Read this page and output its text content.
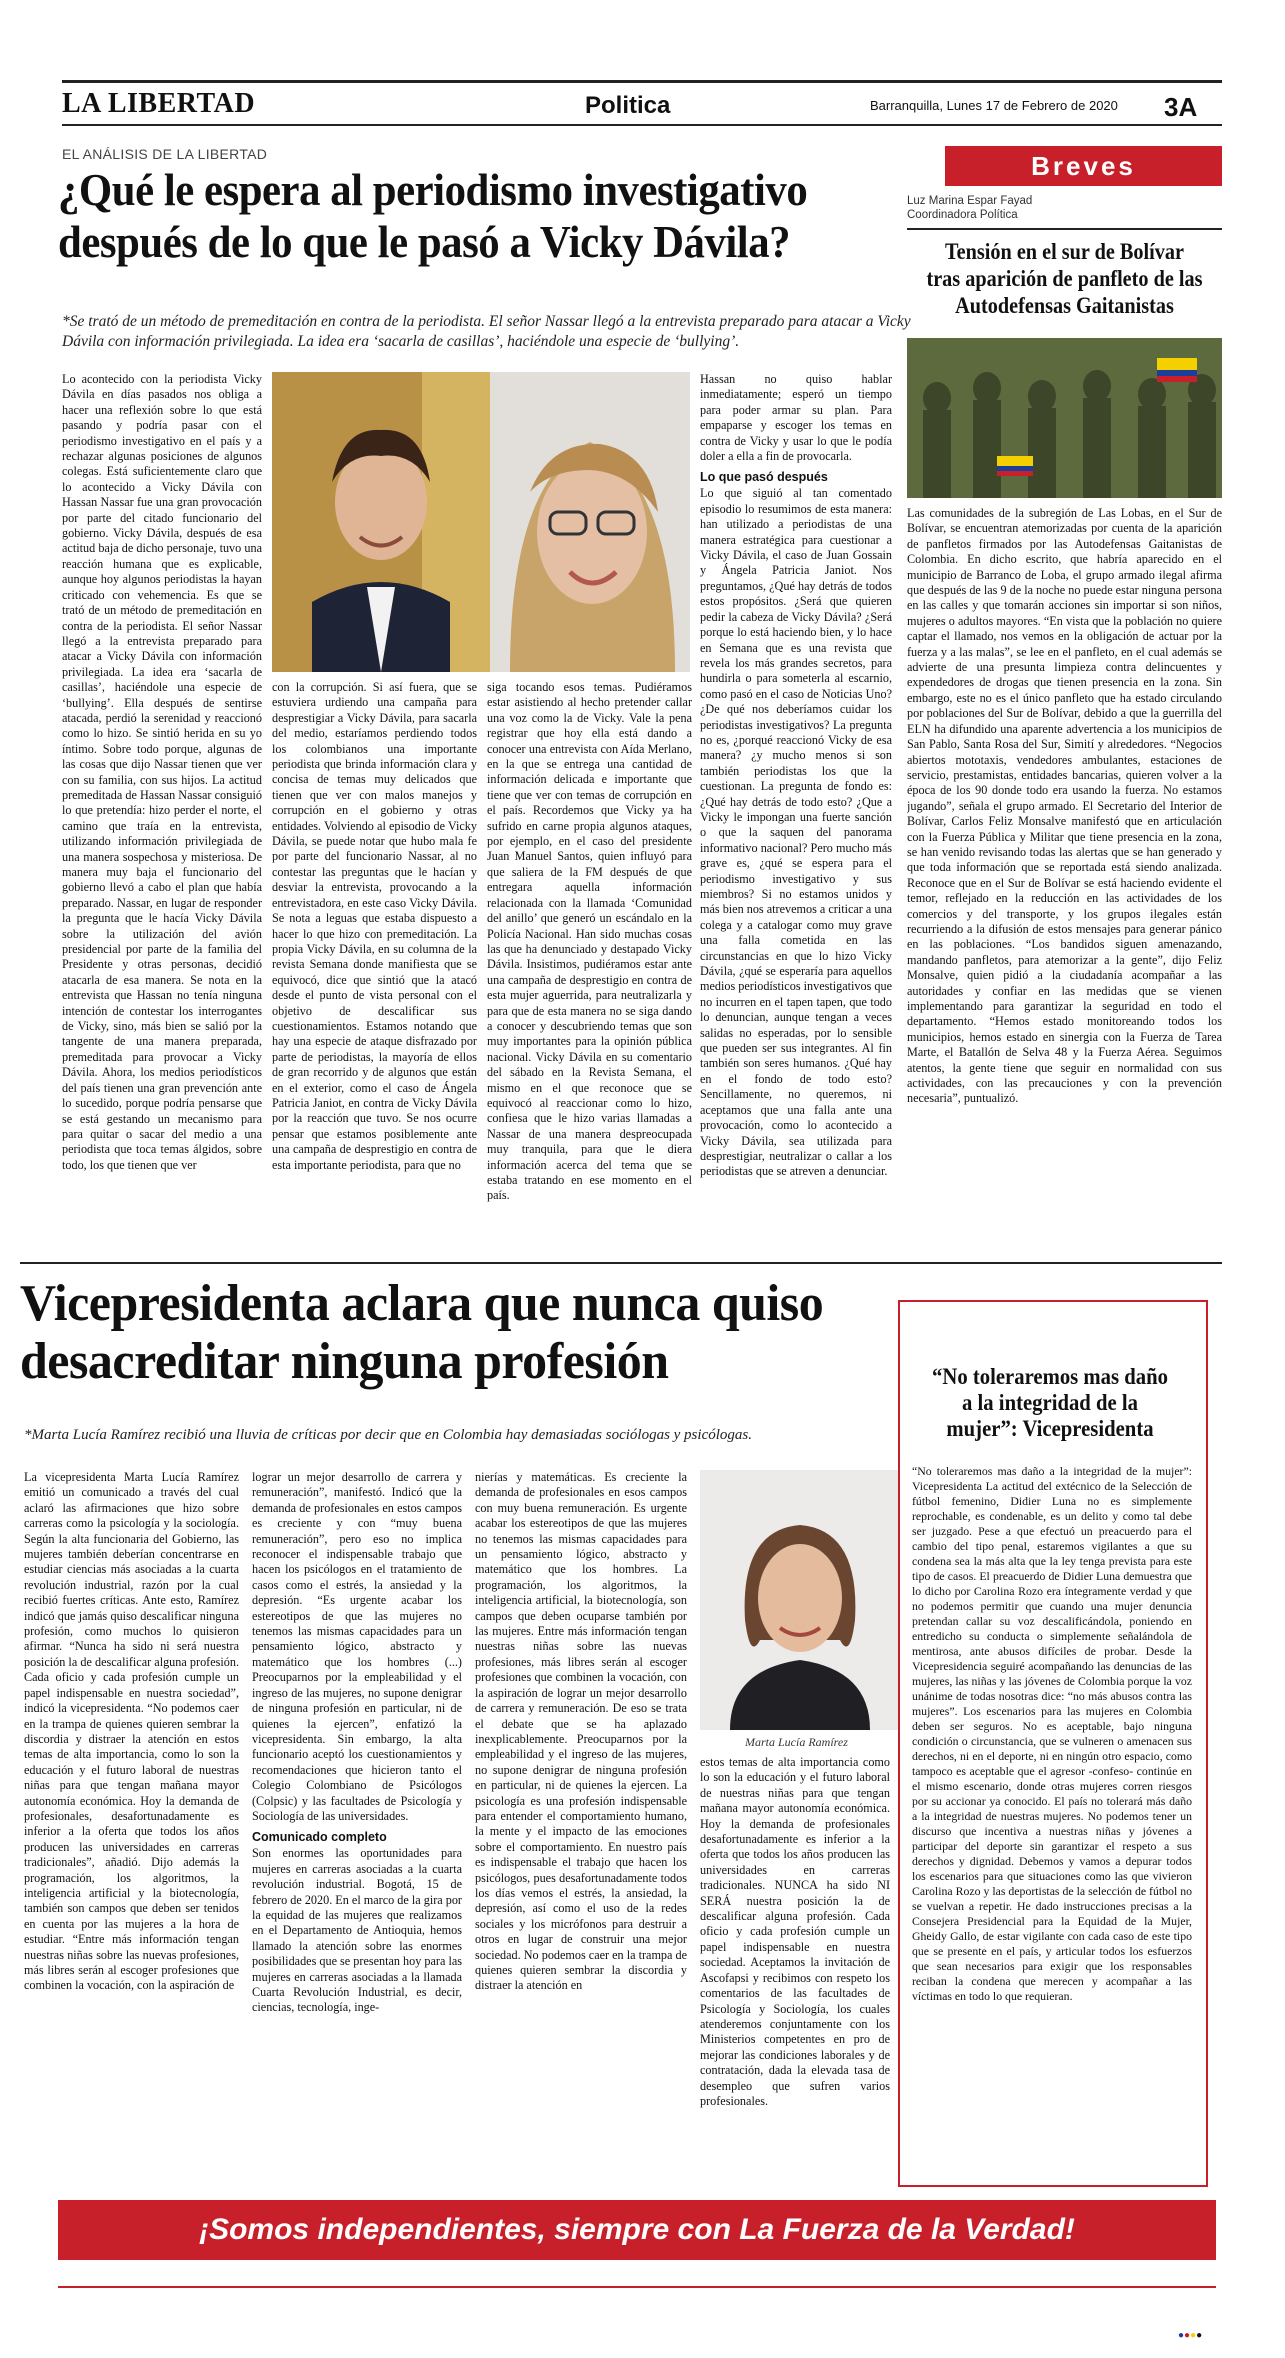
LA LIBERTAD	Politica	Barranquilla, Lunes 17 de Febrero de 2020 3A
EL ANÁLISIS DE LA LIBERTAD
¿Qué le espera al periodismo investigativo después de lo que le pasó a Vicky Dávila?
*Se trató de un método de premeditación en contra de la periodista. El señor Nassar llegó a la entrevista preparado para atacar a Vicky Dávila con información privilegiada. La idea era ‘sacarla de casillas’, haciéndole una especie de ‘bullying’.

Lo acontecido con la periodista Vicky Dávila en días pasados nos obliga a hacer una reflexión sobre lo que está pasando y podría pasar con el periodismo investigativo en el país y a rechazar algunas posiciones de algunos colegas. Está suficientemente claro que lo acontecido a Vicky Dávila con Hassan Nassar fue una gran provocación por parte del citado funcionario del gobierno. Vicky Dávila, después de esa actitud baja de dicho personaje, tuvo una reacción humana que es explicable, aunque hoy algunos periodistas la hayan criticado con vehemencia. Es que se trató de un método de premeditación en contra de la periodista. El señor Nassar llegó a la entrevista preparado para atacar a Vicky Dávila con información privilegiada. La idea era ‘sacarla de casillas’, haciéndole una especie de ‘bullying’. Ella después de sentirse atacada, perdió la serenidad y reaccionó como lo hizo. Se sintió herida en su yo íntimo. Sobre todo porque, algunas de las cosas que dijo Nassar tienen que ver con su familia, con sus hijos. La actitud premeditada de Hassan Nassar consiguió lo que pretendía: hizo perder el norte, el camino que traía en la entrevista, utilizando información privilegiada de una manera sospechosa y misteriosa. De manera muy baja el funcionario del gobierno llevó a cabo el plan que había preparado. Nassar, en lugar de responder la pregunta que le hacía Vicky Dávila sobre la utilización del avión presidencial por parte de la familia del Presidente y otras personas, decidió atacarla de esa manera. Se nota en la entrevista que Hassan no tenía ninguna intención de contestar los interrogantes de Vicky, sino, más bien se salió por la tangente de una manera preparada, premeditada para provocar a Vicky Dávila. Ahora, los medios periodísticos del país tienen una gran prevención ante lo sucedido, porque podría pensarse que se está gestando un mecanismo para para quitar o sacar del medio a una periodista que toca temas álgidos, sobre todo, los que tienen que ver

con la corrupción. Si así fuera, que se estuviera urdiendo una campaña para desprestigiar a Vicky Dávila, para sacarla del medio, estaríamos perdiendo todos los colombianos una importante periodista que brinda información clara y concisa de temas muy delicados que tienen que ver con malos manejos y corrupción en el gobierno y otras entidades. Volviendo al episodio de Vicky Dávila, se puede notar que hubo mala fe por parte del funcionario Nassar, al no contestar las preguntas que le hacían y desviar la entrevista, provocando a la entrevistadora, en este caso Vicky Dávila. Se nota a leguas que estaba dispuesto a hacer lo que hizo con premeditación. La propia Vicky Dávila, en su columna de la revista Semana donde manifiesta que se equivocó, dice que sintió que la atacó desde el punto de vista personal con el objetivo de descalificar sus cuestionamientos. Estamos notando que hay una especie de ataque disfrazado por parte de periodistas, la mayoría de ellos de gran recorrido y de algunos que están en el exterior, como el caso de Ángela Patricia Janiot, en contra de Vicky Dávila por la reacción que tuvo. Se nos ocurre pensar que estamos posiblemente ante una campaña de desprestigio en contra de esta importante periodista, para que no

siga tocando esos temas. Pudiéramos estar asistiendo al hecho pretender callar una voz como la de Vicky. Vale la pena registrar que hoy ella está dando a conocer una entrevista con Aída Merlano, en la que se entrega una cantidad de información delicada e importante que tiene que ver con temas de corrupción en el país. Recordemos que Vicky ya ha sufrido en carne propia algunos ataques, por ejemplo, en el caso del presidente Juan Manuel Santos, quien influyó para que saliera de la FM después de que entregara aquella información relacionada con la llamada ‘Comunidad del anillo’ que generó un escándalo en la Policía Nacional. Han sido muchas cosas las que ha denunciado y destapado Vicky Dávila. Insistimos, pudiéramos estar ante una campaña de desprestigio en contra de esta mujer aguerrida, para neutralizarla y para que de esta manera no se siga dando a conocer y descubriendo temas que son muy importantes para la opinión pública nacional. Vicky Dávila en su comentario del sábado en la Revista Semana, el mismo en el que reconoce que se equivocó al reaccionar como lo hizo, confiesa que le hizo varias llamadas a Nassar de una manera despreocupada muy tranquila, para que le diera información acerca del tema que se estaba tratando en ese momento en el país.

Hassan no quiso hablar inmediatamente; esperó un tiempo para poder armar su plan. Para empaparse y escoger los temas en contra de Vicky y usar lo que le podía doler a ella a fin de provocarla.

Lo que pasó después

Lo que siguió al tan comentado episodio lo resumimos de esta manera: han utilizado a periodistas de una manera estratégica para cuestionar a Vicky Dávila, el caso de Juan Gossain y Ángela Patricia Janiot. Nos preguntamos, ¿Qué hay detrás de todos estos propósitos. ¿Será que quieren pedir la cabeza de Vicky Dávila? ¿Será porque lo está haciendo bien, y lo hace en Semana que es una revista que revela los más grandes secretos, para hundirla o para someterla al escarnio, como pasó en el caso de Noticias Uno? ¿De qué nos deberíamos cuidar los periodistas investigativos? La pregunta no es, ¿porqué reaccionó Vicky de esa manera? ¿y mucho menos si son también periodistas los que la cuestionan. La pregunta de fondo es: ¿Qué hay detrás de todo esto? ¿Que a Vicky le impongan una fuerte sanción o que la saquen del panorama informativo nacional? Pero mucho más grave es, ¿qué se espera para el periodismo investigativo y sus miembros? Si no estamos unidos y más bien nos atrevemos a criticar a una colega y a catalogar como muy grave una falla cometida en las circunstancias en que lo hizo Vicky Dávila, ¿qué se esperaría para aquellos medios periodísticos investigativos que no incurren en el tapen tapen, que todo lo denuncian, aunque tengan a veces salidas no esperadas, por lo sensible que pueden ser sus integrantes. Al fin también son seres humanos. ¿Qué hay en el fondo de todo esto? Sencillamente, no queremos, ni aceptamos que una falla ante una provocación, como lo acontecido a Vicky Dávila, sea utilizada para desprestigiar, neutralizar o callar a los periodistas que se atreven a denunciar.

Breves
Luz Marina Espar Fayad
Coordinadora Política
Tensión en el sur de Bolívar tras aparición de panfleto de las Autodefensas Gaitanistas

Las comunidades de la subregión de Las Lobas, en el Sur de Bolívar, se encuentran atemorizadas por cuenta de la aparición de panfletos firmados por las Autodefensas Gaitanistas de Colombia. En dicho escrito, que habría aparecido en el municipio de Barranco de Loba, el grupo armado ilegal afirma que después de las 9 de la noche no puede estar ninguna persona en las calles y que tomarán acciones sin importar si son niños, mujeres o adultos mayores. “En vista que la población no quiere captar el llamado, nos vemos en la obligación de actuar por la fuerza y a las malas”, se lee en el panfleto, en el cual además se advierte de una presunta limpieza contra delincuentes y expendedores de drogas que tienen presencia en la zona. Sin embargo, este no es el único panfleto que ha estado circulando por poblaciones del Sur de Bolívar, debido a que la guerrilla del ELN ha difundido una aparente advertencia a los municipios de San Pablo, Santa Rosa del Sur, Simití y alrededores. “Negocios abiertos mototaxis, vendedores ambulantes, estaciones de servicio, prestamistas, entidades bancarias, quieren volver a la época de los 90 donde todo era usando la fuerza. No estamos jugando”, señala el grupo armado. El Secretario del Interior de Bolívar, Carlos Feliz Monsalve manifestó que en articulación con la Fuerza Pública y Militar que tiene presencia en la zona, se han venido revisando todas las alertas que se han generado y que toda información que se reportada está siendo analizada. Reconoce que en el Sur de Bolívar se está haciendo evidente el temor, reflejado en la reducción en las actividades de los comercios y del transporte, y los grupos ilegales están recurriendo a la difusión de estos mensajes para generar pánico en las poblaciones. “Los bandidos siguen amenazando, mandando panfletos, para atemorizar a la gente”, dijo Feliz Monsalve, quien pidió a la ciudadanía acompañar a las autoridades y confiar en las medidas que se vienen implementando para garantizar la seguridad en todo el departamento. “Hemos estado monitoreando todos los municipios, hemos estado en sinergia con la Fuerza de Tarea Marte, el Batallón de Selva 48 y la Fuerza Aérea. Seguimos atentos, la gente tiene que seguir en normalidad con sus actividades, con las precauciones y con la prevención necesaria”, puntualizó.

Vicepresidenta aclara que nunca quiso desacreditar ninguna profesión
*Marta Lucía Ramírez recibió una lluvia de críticas por decir que en Colombia hay demasiadas sociólogas y psicólogas.

La vicepresidenta Marta Lucía Ramírez emitió un comunicado a través del cual aclaró las afirmaciones que hizo sobre carreras como la psicología y la sociología. Según la alta funcionaria del Gobierno, las mujeres también deberían concentrarse en estudiar ciencias más asociadas a la cuarta revolución industrial, razón por la cual recibió fuertes críticas. Ante esto, Ramírez indicó que jamás quiso descalificar ninguna profesión, como muchos lo quisieron afirmar. “Nunca ha sido ni será nuestra posición la de descalificar alguna profesión. Cada oficio y cada profesión cumple un papel indispensable en nuestra sociedad”, indicó la vicepresidenta. “No podemos caer en la trampa de quienes quieren sembrar la discordia y distraer la atención en estos temas de alta importancia, como lo son la educación y el futuro laboral de nuestras niñas para que tengan mañana mayor autonomía económica. Hoy la demanda de profesionales, desafortunadamente es inferior a la oferta que todos los años producen las universidades en carreras tradicionales”, añadió. Dijo además la programación, los algoritmos, la inteligencia artificial y la biotecnología, también son campos que deben ser tenidos en cuenta por las mujeres a la hora de estudiar. “Entre más información tengan nuestras niñas sobre las nuevas profesiones, más libres serán al escoger profesiones que combinen la vocación, con la aspiración de

lograr un mejor desarrollo de carrera y remuneración”, manifestó. Indicó que la demanda de profesionales en estos campos es creciente y con “muy buena remuneración”, pero eso no implica reconocer el indispensable trabajo que hacen los psicólogos en el tratamiento de casos como el estrés, la ansiedad y la depresión. “Es urgente acabar los estereotipos de que las mujeres no tenemos las mismas capacidades para un pensamiento lógico, abstracto y matemático que los hombres (...) Preocuparnos por la empleabilidad y el ingreso de las mujeres, no supone denigrar de ninguna profesión en particular, ni de quienes la ejercen”, enfatizó la vicepresidenta. Sin embargo, la alta funcionario aceptó los cuestionamientos y recomendaciones que hicieron tanto el Colegio Colombiano de Psicólogos (Colpsic) y las facultades de Psicología y Sociología de las universidades.

Comunicado completo

Son enormes las oportunidades para mujeres en carreras asociadas a la cuarta revolución industrial. Bogotá, 15 de febrero de 2020. En el marco de la gira por la equidad de las mujeres que realizamos en el Departamento de Antioquia, hemos llamado la atención sobre las enormes posibilidades que se presentan hoy para las mujeres en carreras asociadas a la llamada Cuarta Revolución Industrial, es decir, ciencias, tecnología, inge-

nierías y matemáticas. Es creciente la demanda de profesionales en esos campos con muy buena remuneración. Es urgente acabar los estereotipos de que las mujeres no tenemos las mismas capacidades para un pensamiento lógico, abstracto y matemático que los hombres. La programación, los algoritmos, la inteligencia artificial, la biotecnología, son campos que deben ocuparse también por las mujeres. Entre más información tengan nuestras niñas sobre las nuevas profesiones, más libres serán al escoger profesiones que combinen la vocación, con la aspiración de lograr un mejor desarrollo de carrera y remuneración. De eso se trata el debate que se ha aplazado inexplicablemente. Preocuparnos por la empleabilidad y el ingreso de las mujeres, no supone denigrar de ninguna profesión en particular, ni de quienes la ejercen. La psicología es una profesión indispensable para entender el comportamiento humano, la mente y el impacto de las emociones sobre el comportamiento. En nuestro país es indispensable el trabajo que hacen los psicólogos, pues desafortunadamente todos los días vemos el estrés, la ansiedad, la depresión, así como el uso de la redes sociales y los micrófonos para destruir a otros en lugar de construir una mejor sociedad. No podemos caer en la trampa de quienes quieren sembrar la discordia y distraer la atención en

Marta Lucía Ramírez

estos temas de alta importancia como lo son la educación y el futuro laboral de nuestras niñas para que tengan mañana mayor autonomía económica. Hoy la demanda de profesionales desafortunadamente es inferior a la oferta que todos los años producen las universidades en carreras tradicionales. NUNCA ha sido NI SERÁ nuestra posición la de descalificar alguna profesión. Cada oficio y cada profesión cumple un papel indispensable en nuestra sociedad. Aceptamos la invitación de Ascofapsi y recibimos con respeto los comentarios de las facultades de Psicología y Sociología, los cuales atenderemos conjuntamente con los Ministerios competentes en pro de mejorar las condiciones laborales y de contratación, dada la elevada tasa de desempleo que sufren varios profesionales.

“No toleraremos mas daño a la integridad de la mujer”: Vicepresidenta

“No toleraremos mas daño a la integridad de la mujer”: Vicepresidenta La actitud del extécnico de la Selección de fútbol femenino, Didier Luna no es simplemente reprochable, es condenable, es un delito y como tal debe ser juzgado. Pese a que efectuó un preacuerdo para el cambio del tipo penal, estaremos vigilantes a que su condena sea la más alta que la ley tenga prevista para este tipo de casos. El preacuerdo de Didier Luna demuestra que lo dicho por Carolina Rozo era íntegramente verdad y que no podemos permitir que cuando una mujer denuncia pretendan callar su voz descalificándola, poniendo en entredicho su conducta o simplemente señalándola de mentirosa, ante abusos difíciles de probar. Desde la Vicepresidencia seguiré acompañando las denuncias de las mujeres, las niñas y las jóvenes de Colombia porque la voz unánime de todas nosotras dice: “no más abusos contra las mujeres”. Los escenarios para las mujeres en Colombia deben ser seguros. No es aceptable, bajo ninguna condición o circunstancia, que se vulneren o amenacen sus derechos, ni en el deporte, ni en ningún otro espacio, como tampoco es aceptable que el agresor -confeso- continúe en el mismo escenario, donde otras mujeres corren riesgos por su accionar ya conocido. El país no tolerará más daño a la integridad de nuestras mujeres. No podemos tener un discurso que incentiva a nuestras niñas y jóvenes a participar del deporte sin garantizar el respeto a sus derechos y dignidad. Debemos y vamos a depurar todos los escenarios para que situaciones como las que vivieron Carolina Rozo y las deportistas de la selección de fútbol no se vuelvan a repetir. He dado instrucciones precisas a la Consejera Presidencial para la Equidad de la Mujer, Gheidy Gallo, de estar vigilante con cada caso de este tipo que se presente en el país, y articular todos los esfuerzos que sean necesarios para exigir que los responsables reciban la condena que merecen y acompañar a las víctimas en todo lo que requieran.

¡Somos independientes, siempre con La Fuerza de la Verdad!
●●●●
